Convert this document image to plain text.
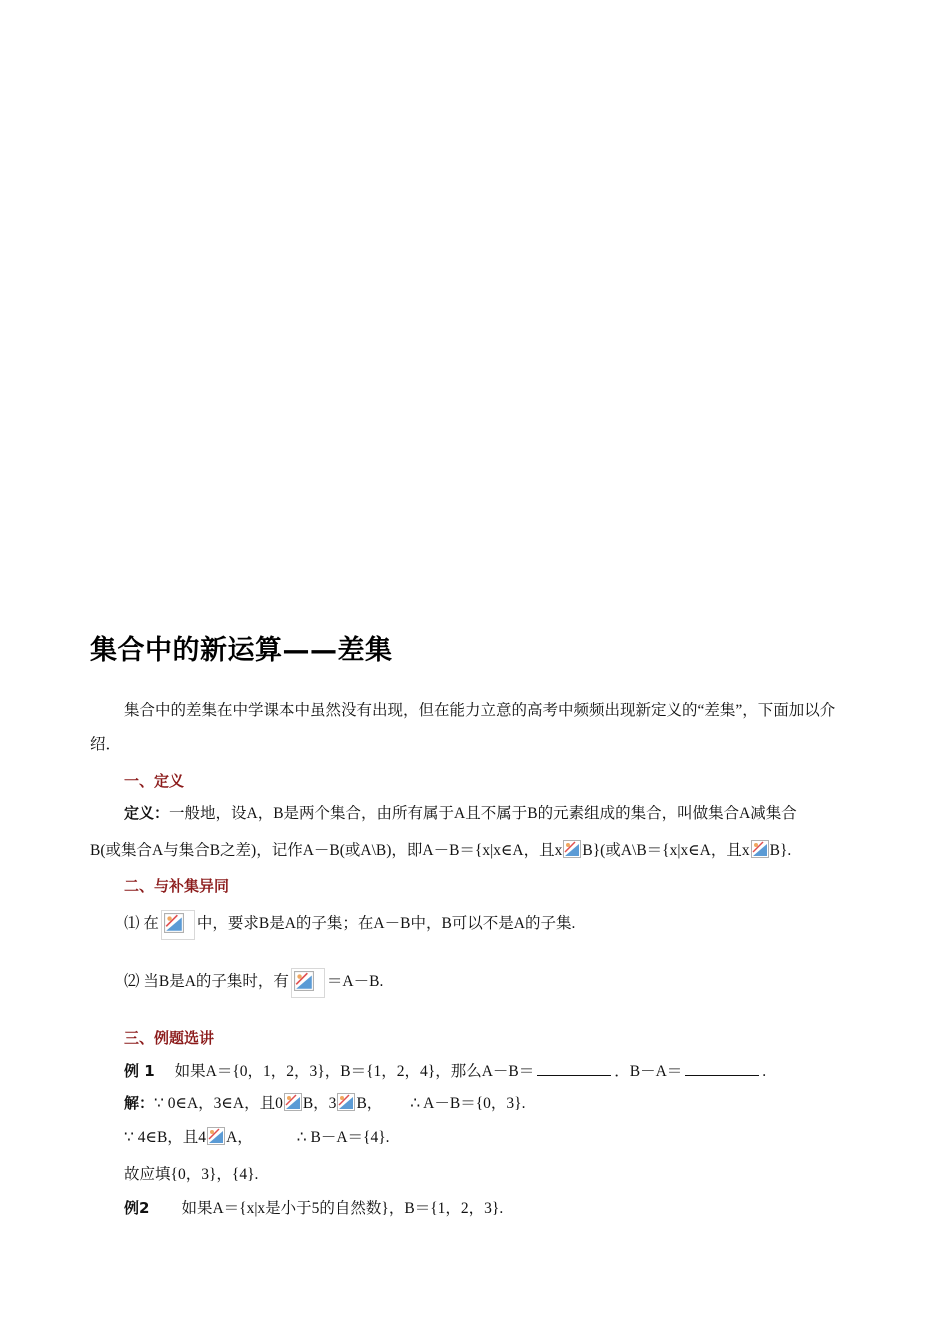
集合中的新运算——差集

集合中的差集在中学课本中虽然没有出现，但在能力立意的高考中频频出现新定义的“差集”，下面加以介绍．

一、定义

定义：一般地，设A，B是两个集合，由所有属于A且不属于B的元素组成的集合，叫做集合A减集合

B(或集合A与集合B之差)，记作A－B(或A\B)，即A－B＝{x|x∈A，且x B}(或A\B＝{x|x∈A，且x B}.

二、与补集异同

⑴ 在 中，要求B是A的子集；在A－B中，B可以不是A的子集.

⑵ 当B是A的子集时，有 ＝A－B.

三、例题选讲

例 1 如果A＝{0，1，2，3}，B＝{1，2，4}，那么A－B＝	．B－A＝	.

解：∵ 0∈A，3∈A，且0 B，3 B， ∴ A－B＝{0，3}.

∵ 4∈B，且4 A，	∴ B－A＝{4}.

故应填{0，3}，{4}.

例2 如果A＝{x|x是小于5的自然数}，B＝{1，2，3}.
